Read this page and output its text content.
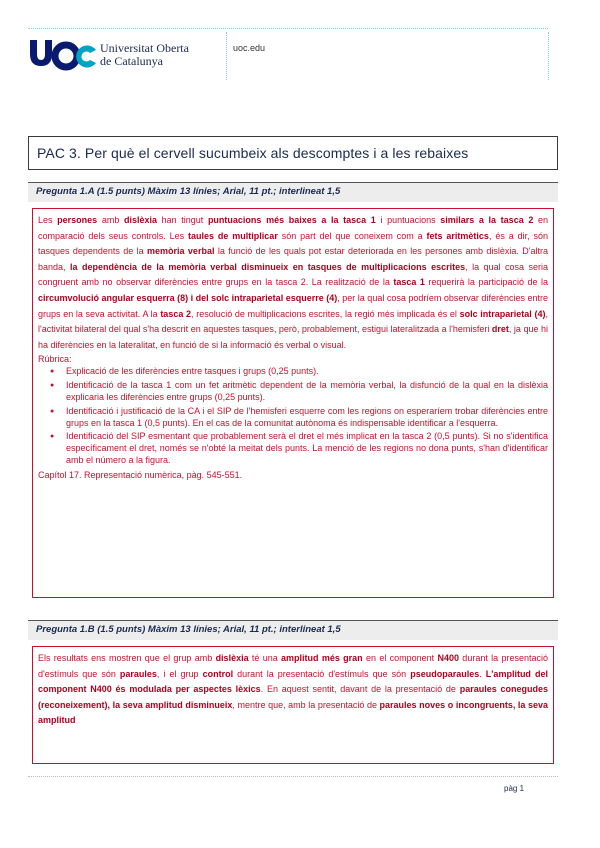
Universitat Oberta
de Catalunya
uoc.edu
PAC 3. Per què el cervell sucumbeix als descomptes i a les rebaixes
Pregunta 1.A (1.5 punts) Màxim 13 línies; Arial, 11 pt.; interlineat 1,5

Les persones amb dislèxia han tingut puntuacions més baixes a la tasca 1 i puntuacions similars a la tasca 2 en comparació dels seus controls. Les taules de multiplicar són part del que coneixem com a fets aritmètics, és a dir, són tasques dependents de la memòria verbal la funció de les quals pot estar deteriorada en les persones amb dislèxia. D'altra banda, la dependència de la memòria verbal disminueix en tasques de multiplicacions escrites, la qual cosa seria congruent amb no observar diferències entre grups en la tasca 2. La realització de la tasca 1 requerirà la participació de la circumvolució angular esquerra (8) i del solc intraparietal esquerre (4), per la qual cosa podríem observar diferències entre grups en la seva activitat. A la tasca 2, resolució de multiplicacions escrites, la regió més implicada és el solc intraparietal (4), l'activitat bilateral del qual s'ha descrit en aquestes tasques, però, probablement, estigui lateralitzada a l'hemisferi dret, ja que hi ha diferències en la lateralitat, en funció de si la informació és verbal o visual.

Rúbrica:

● Explicació de les diferències entre tasques i grups (0,25 punts).
● Identificació de la tasca 1 com un fet aritmètic dependent de la memòria verbal, la disfunció de la qual en la dislèxia explicaria les diferències entre grups (0,25 punts).
● Identificació i justificació de la CA i el SIP de l'hemisferi esquerre com les regions on esperaríem trobar diferències entre grups en la tasca 1 (0,5 punts). En el cas de la comunitat autònoma és indispensable identificar a l'esquerra.
● Identificació del SIP esmentant que probablement serà el dret el més implicat en la tasca 2 (0,5 punts). Si no s'identifica específicament el dret, només se n'obté la meitat dels punts. La menció de les regions no dona punts, s'han d'identificar amb el número a la figura.

Capítol 17. Representació numèrica, pàg. 545-551.

Pregunta 1.B (1.5 punts) Màxim 13 línies; Arial, 11 pt.; interlineat 1,5

Els resultats ens mostren que el grup amb dislèxia té una amplitud més gran en el component N400 durant la presentació d'estímuls que són paraules, i el grup control durant la presentació d'estímuls que són pseudoparaules. L'amplitud del component N400 és modulada per aspectes lèxics. En aquest sentit, davant de la presentació de paraules conegudes (reconeixement), la seva amplitud disminueix, mentre que, amb la presentació de paraules noves o incongruents, la seva amplitud

pàg 1
